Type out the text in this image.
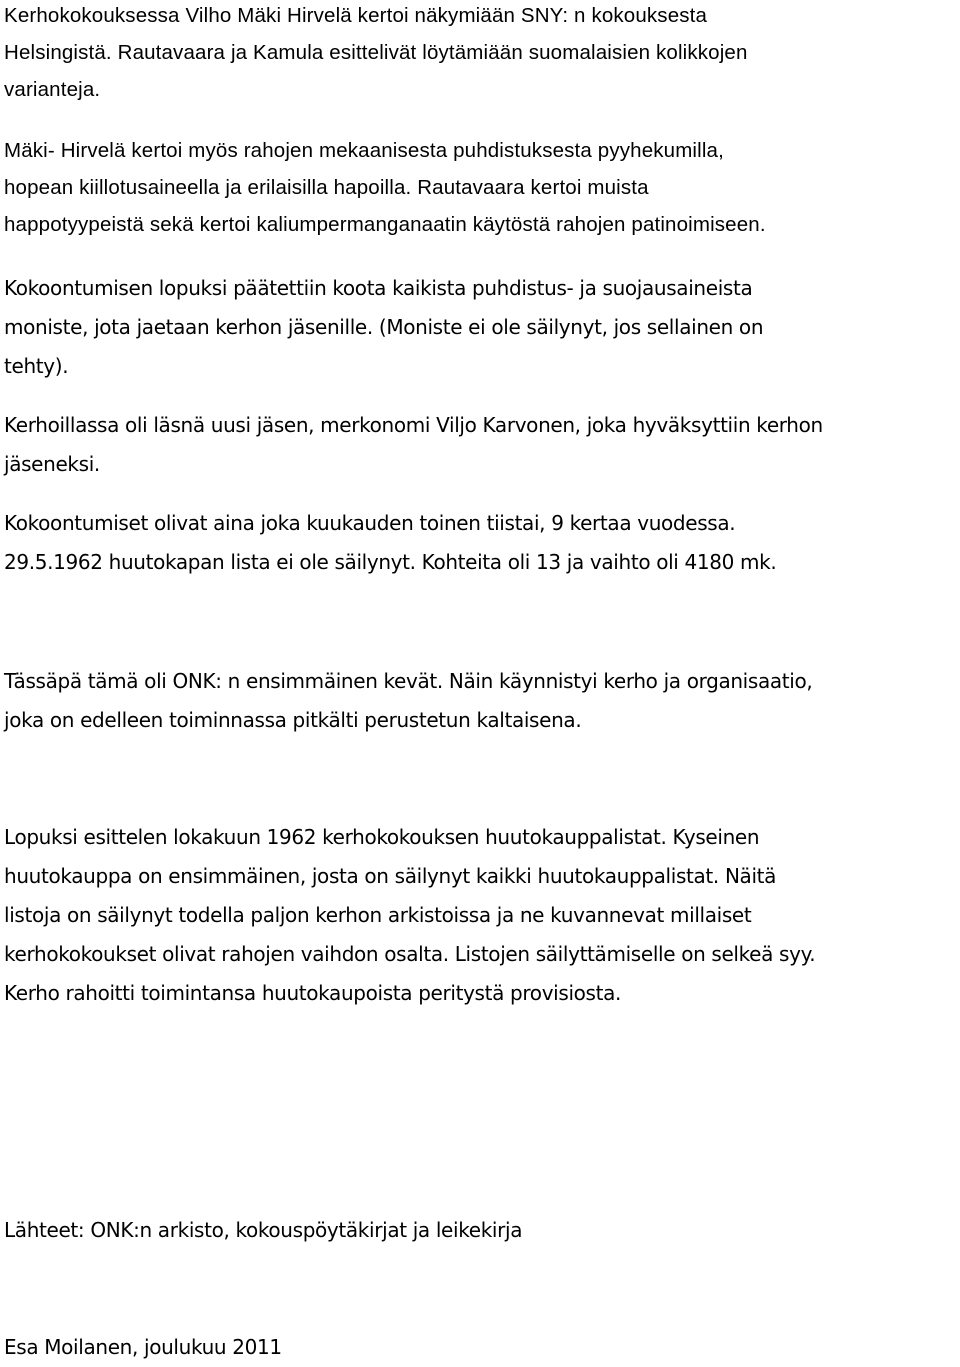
Kerhokokouksessa Vilho Mäki Hirvelä kertoi näkymiään SNY: n kokouksesta
Helsingistä. Rautavaara ja Kamula esittelivät löytämiään suomalaisien kolikkojen
varianteja.
Mäki- Hirvelä kertoi myös rahojen mekaanisesta puhdistuksesta pyyhekumilla,
hopean kiillotusaineella ja erilaisilla hapoilla. Rautavaara kertoi muista
happotyypeistä sekä kertoi kaliumpermanganaatin käytöstä rahojen patinoimiseen.
Kokoontumisen lopuksi päätettiin koota kaikista puhdistus- ja suojausaineista
moniste, jota jaetaan kerhon jäsenille. (Moniste ei ole säilynyt, jos sellainen on
tehty).
Kerhoillassa oli läsnä uusi jäsen, merkonomi Viljo Karvonen, joka hyväksyttiin kerhon
jäseneksi.
Kokoontumiset olivat aina joka kuukauden toinen tiistai, 9 kertaa vuodessa.
29.5.1962 huutokapan lista ei ole säilynyt. Kohteita oli 13 ja vaihto oli 4180 mk.
Tässäpä tämä oli ONK: n ensimmäinen kevät. Näin käynnistyi kerho ja organisaatio,
joka on edelleen toiminnassa pitkälti perustetun kaltaisena.
Lopuksi esittelen lokakuun 1962 kerhokokouksen huutokauppalistat. Kyseinen
huutokauppa on ensimmäinen, josta on säilynyt kaikki huutokauppalistat. Näitä
listoja on säilynyt todella paljon kerhon arkistoissa ja ne kuvannevat millaiset
kerhokokoukset olivat rahojen vaihdon osalta. Listojen säilyttämiselle on selkeä syy.
Kerho rahoitti toimintansa huutokaupoista peritystä provisiosta.
Lähteet: ONK:n arkisto, kokouspöytäkirjat ja leikekirja
Esa Moilanen, joulukuu 2011
